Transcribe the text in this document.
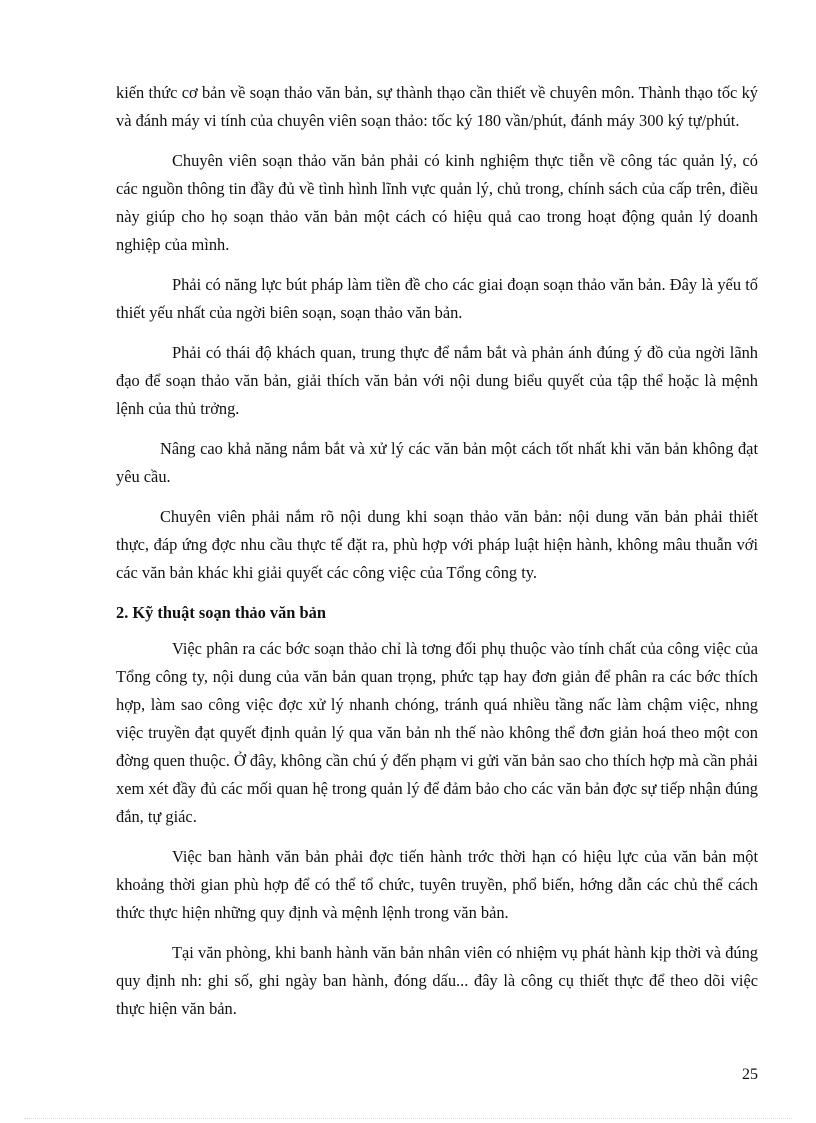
kiến thức cơ bản về soạn thảo văn bản, sự thành thạo cần thiết về chuyên môn. Thành thạo tốc ký và đánh máy vi tính của chuyên viên soạn thảo: tốc ký 180 vần/phút, đánh máy 300 ký tự/phút.

Chuyên viên soạn thảo văn bản phải có kinh nghiệm thực tiễn về công tác quản lý, có các nguồn thông tin đầy đủ về tình hình lĩnh vực quản lý, chủ trong, chính sách của cấp trên, điều này giúp cho họ soạn thảo văn bản một cách có hiệu quả cao trong hoạt động quản lý doanh nghiệp của mình.

Phải có năng lực bút pháp làm tiền đề cho các giai đoạn soạn thảo văn bản. Đây là yếu tố thiết yếu nhất của ngời biên soạn, soạn thảo văn bản.

Phải có thái độ khách quan, trung thực để nắm bắt và phản ánh đúng ý đồ của ngời lãnh đạo để soạn thảo văn bản, giải thích văn bản với nội dung biểu quyết của tập thể hoặc là mệnh lệnh của thủ trởng.

Nâng cao khả năng nắm bắt và xử lý các văn bản một cách tốt nhất khi văn bản không đạt yêu cầu.

Chuyên viên phải nắm rõ nội dung khi soạn thảo văn bản: nội dung văn bản phải thiết thực, đáp ứng đợc nhu cầu thực tế đặt ra, phù hợp với pháp luật hiện hành, không mâu thuẫn với các văn bản khác khi giải quyết các công việc của Tổng công ty.

2. Kỹ thuật soạn thảo văn bản

Việc phân ra các bớc soạn thảo chỉ là tơng đối phụ thuộc vào tính chất của công việc của Tổng công ty, nội dung của văn bản quan trọng, phức tạp hay đơn giản để phân ra các bớc thích hợp, làm sao công việc đợc xử lý nhanh chóng, tránh quá nhiều tầng nấc làm chậm việc, nhng việc truyền đạt quyết định quản lý qua văn bản nh thế nào không thể đơn giản hoá theo một con đờng quen thuộc. Ở đây, không cần chú ý đến phạm vi gửi văn bản sao cho thích hợp mà cần phải xem xét đầy đủ các mối quan hệ trong quản lý để đảm bảo cho các văn bản đợc sự tiếp nhận đúng đắn, tự giác.

Việc ban hành văn bản phải đợc tiến hành trớc thời hạn có hiệu lực của văn bản một khoảng thời gian phù hợp để có thể tổ chức, tuyên truyền, phổ biến, hớng dẫn các chủ thể cách thức thực hiện những quy định và mệnh lệnh trong văn bản.

Tại văn phòng, khi banh hành văn bản nhân viên có nhiệm vụ phát hành kịp thời và đúng quy định nh: ghi số, ghi ngày ban hành, đóng dấu... đây là công cụ thiết thực để theo dõi việc thực hiện văn bản.

25
